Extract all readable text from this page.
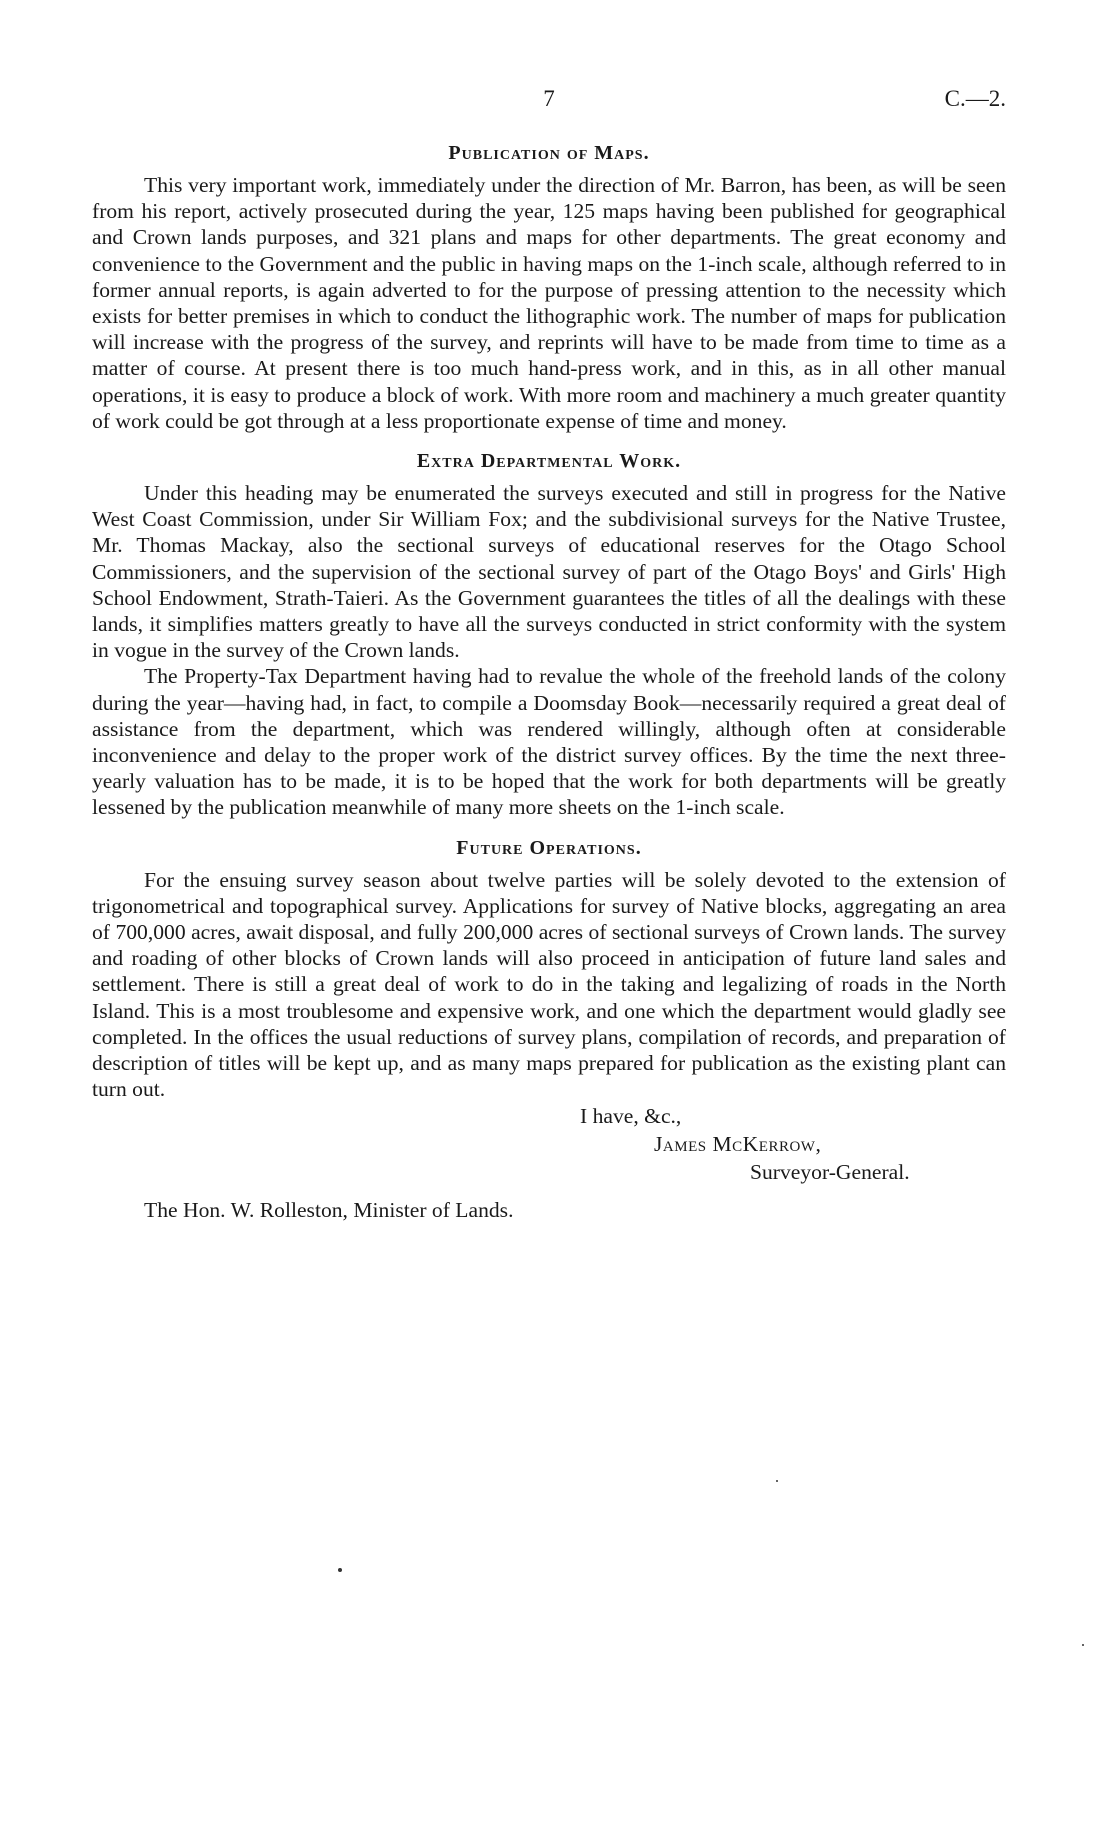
7	C.—2.
Publication of Maps.

This very important work, immediately under the direction of Mr. Barron, has been, as will be seen from his report, actively prosecuted during the year, 125 maps having been published for geographical and Crown lands purposes, and 321 plans and maps for other departments. The great economy and convenience to the Government and the public in having maps on the 1-inch scale, although referred to in former annual reports, is again adverted to for the purpose of pressing attention to the necessity which exists for better premises in which to conduct the lithographic work. The number of maps for publication will increase with the progress of the survey, and reprints will have to be made from time to time as a matter of course. At present there is too much hand-press work, and in this, as in all other manual operations, it is easy to produce a block of work. With more room and machinery a much greater quantity of work could be got through at a less proportionate expense of time and money.

Extra Departmental Work.

Under this heading may be enumerated the surveys executed and still in progress for the Native West Coast Commission, under Sir William Fox; and the subdivisional surveys for the Native Trustee, Mr. Thomas Mackay, also the sectional surveys of educational reserves for the Otago School Commissioners, and the supervision of the sectional survey of part of the Otago Boys' and Girls' High School Endowment, Strath-Taieri. As the Government guarantees the titles of all the dealings with these lands, it simplifies matters greatly to have all the surveys conducted in strict conformity with the system in vogue in the survey of the Crown lands.

The Property-Tax Department having had to revalue the whole of the freehold lands of the colony during the year—having had, in fact, to compile a Doomsday Book—necessarily required a great deal of assistance from the department, which was rendered willingly, although often at considerable inconvenience and delay to the proper work of the district survey offices. By the time the next three-yearly valuation has to be made, it is to be hoped that the work for both departments will be greatly lessened by the publication meanwhile of many more sheets on the 1-inch scale.

Future Operations.

For the ensuing survey season about twelve parties will be solely devoted to the extension of trigonometrical and topographical survey. Applications for survey of Native blocks, aggregating an area of 700,000 acres, await disposal, and fully 200,000 acres of sectional surveys of Crown lands. The survey and roading of other blocks of Crown lands will also proceed in anticipation of future land sales and settlement. There is still a great deal of work to do in the taking and legalizing of roads in the North Island. This is a most troublesome and expensive work, and one which the department would gladly see completed. In the offices the usual reductions of survey plans, compilation of records, and preparation of description of titles will be kept up, and as many maps prepared for publication as the existing plant can turn out.

I have, &c.,
James McKerrow,
Surveyor-General.

The Hon. W. Rolleston, Minister of Lands.
